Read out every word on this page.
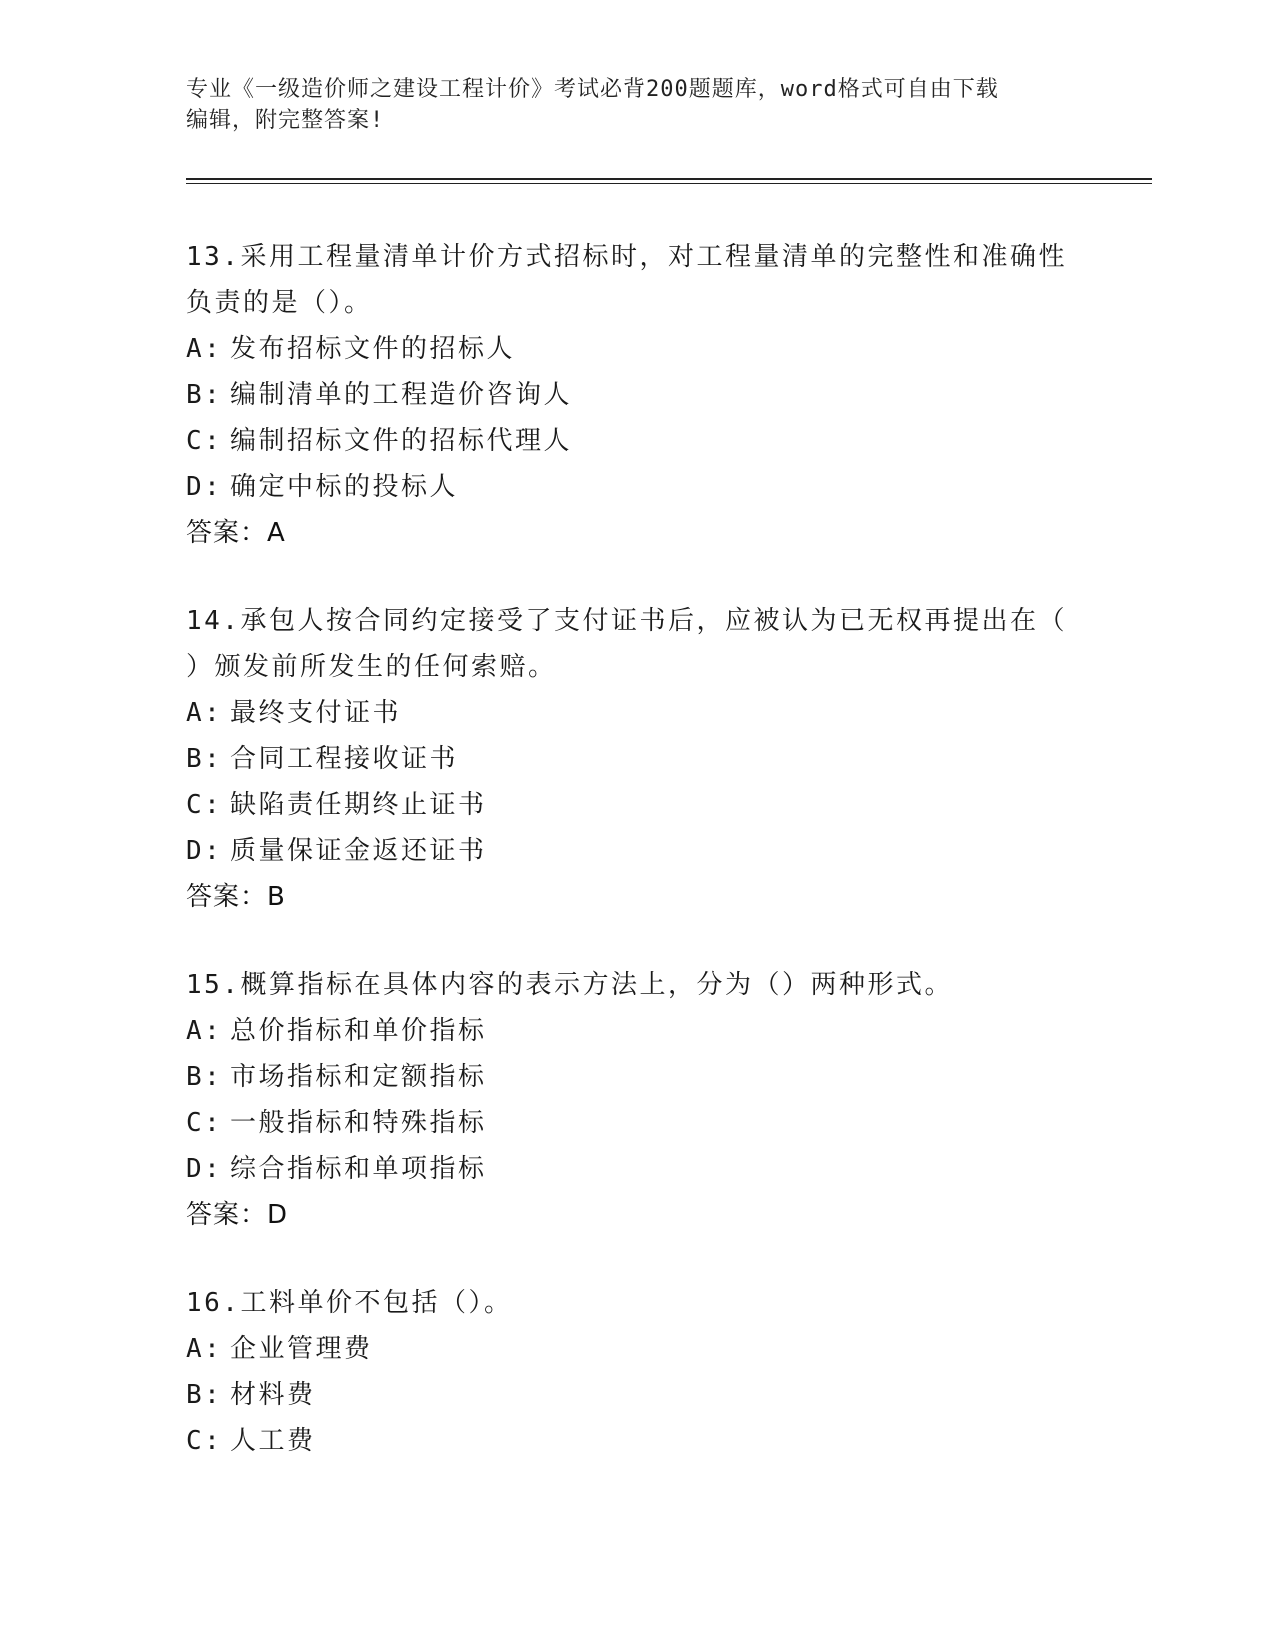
专业《一级造价师之建设工程计价》考试必背200题题库，word格式可自由下载
编辑，附完整答案!
13.采用工程量清单计价方式招标时，对工程量清单的完整性和准确性
负责的是（）。
A: 发布招标文件的招标人
B: 编制清单的工程造价咨询人
C: 编制招标文件的招标代理人
D: 确定中标的投标人
答案：A
14.承包人按合同约定接受了支付证书后，应被认为已无权再提出在（
）颁发前所发生的任何索赔。
A: 最终支付证书
B: 合同工程接收证书
C: 缺陷责任期终止证书
D: 质量保证金返还证书
答案：B
15.概算指标在具体内容的表示方法上，分为（）两种形式。
A: 总价指标和单价指标
B: 市场指标和定额指标
C: 一般指标和特殊指标
D: 综合指标和单项指标
答案：D
16.工料单价不包括（）。
A: 企业管理费
B: 材料费
C: 人工费
